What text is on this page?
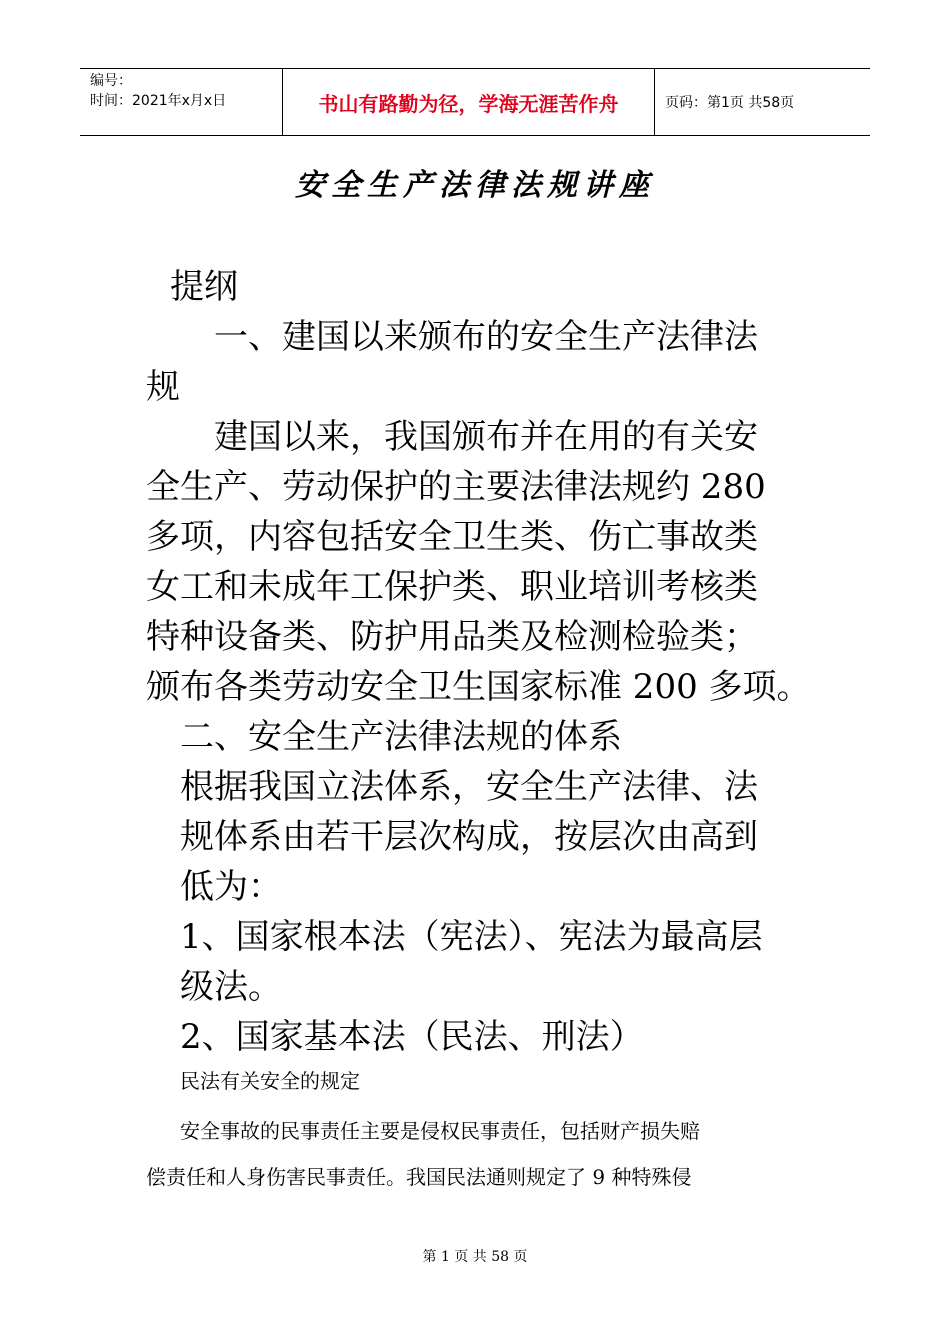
编号：
时间：2021年x月x日	书山有路勤为径，学海无涯苦作舟	页码：第1页 共58页
安全生产法律法规讲座
提纲
一、建国以来颁布的安全生产法律法
规
建国以来，我国颁布并在用的有关安
全生产、劳动保护的主要法律法规约 280
多项，内容包括安全卫生类、伤亡事故类
女工和未成年工保护类、职业培训考核类
特种设备类、防护用品类及检测检验类；
颁布各类劳动安全卫生国家标准 200 多项。
二、安全生产法律法规的体系
根据我国立法体系，安全生产法律、法
规体系由若干层次构成，按层次由高到
低为：
1、国家根本法（宪法）、宪法为最高层
级法。
2、国家基本法（民法、刑法）
民法有关安全的规定
安全事故的民事责任主要是侵权民事责任，包括财产损失赔
偿责任和人身伤害民事责任。我国民法通则规定了 9 种特殊侵
第 1 页 共 58 页
